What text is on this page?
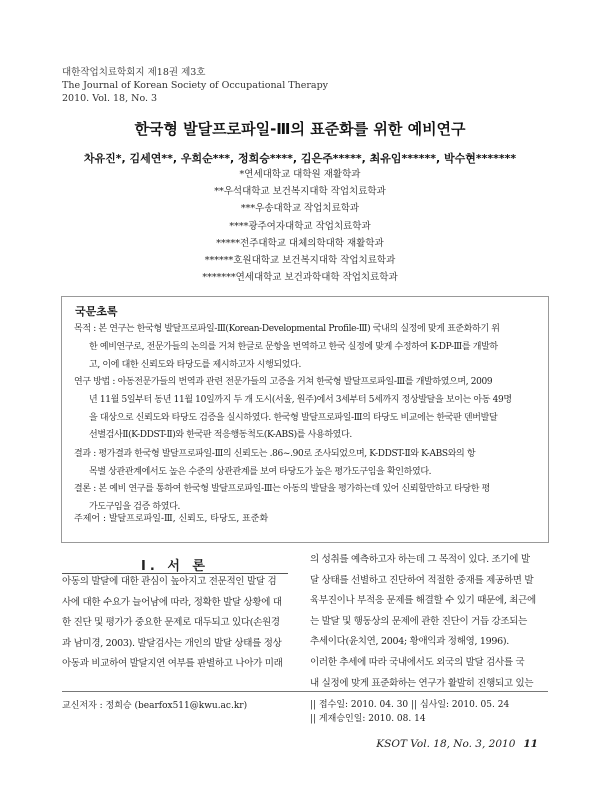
대한작업치료학회지 제18권 제3호
The Journal of Korean Society of Occupational Therapy
2010. Vol. 18, No. 3
한국형 발달프로파일-Ⅲ의 표준화를 위한 예비연구
차유진*, 김세연**, 우희순***, 정희승****, 김은주*****, 최유임******, 박수현*******
*연세대학교 대학원 재활학과
**우석대학교 보건복지대학 작업치료학과
***우송대학교 작업치료학과
****광주여자대학교 작업치료학과
*****전주대학교 대체의학대학 재활학과
******호원대학교 보건복지대학 작업치료학과
*******연세대학교 보건과학대학 작업치료학과
국문초록
목적 : 본 연구는 한국형 발달프로파일-Ⅲ(Korean-Developmental Profile-Ⅲ) 국내의 실정에 맞게 표준화하기 위
한 예비연구로, 전문가들의 논의를 거쳐 한글로 문항을 번역하고 한국 실정에 맞게 수정하여 K-DP-Ⅲ를 개발하
고, 이에 대한 신뢰도와 타당도를 제시하고자 시행되었다.
연구 방법 : 아동전문가들의 번역과 관련 전문가들의 고증을 거쳐 한국형 발달프로파일-Ⅲ를 개발하였으며, 2009
년 11월 5일부터 동년 11월 10일까지 두 개 도시(서울, 원주)에서 3세부터 5세까지 정상발달을 보이는 아동 49명
을 대상으로 신뢰도와 타당도 검증을 실시하였다. 한국형 발달프로파일-Ⅲ의 타당도 비교에는 한국판 덴버발달
선별검사Ⅱ(K-DDST-Ⅱ)와 한국판 적응행동척도(K-ABS)를 사용하였다.
결과 : 평가결과 한국형 발달프로파일-Ⅲ의 신뢰도는 .86~.90로 조사되었으며, K-DDST-Ⅱ와 K-ABS와의 항
목별 상관관계에서도 높은 수준의 상관관계를 보여 타당도가 높은 평가도구임을 확인하였다.
결론 : 본 예비 연구를 통하여 한국형 발달프로파일-Ⅲ는 아동의 발달을 평가하는데 있어 신뢰할만하고 타당한 평
가도구임을 검증 하였다.
주제어 : 발달프로파일-Ⅲ, 신뢰도, 타당도, 표준화
Ⅰ. 서 론
아동의 발달에 대한 관심이 높아지고 전문적인 발달 검
사에 대한 수요가 늘어남에 따라, 정확한 발달 상황에 대
한 진단 및 평가가 중요한 문제로 대두되고 있다(손원경
과 남미경, 2003). 발달검사는 개인의 발달 상태를 정상
아동과 비교하여 발달지연 여부를 판별하고 나아가 미래
의 성취를 예측하고자 하는데 그 목적이 있다. 조기에 발
달 상태를 선별하고 진단하여 적절한 중재를 제공하면 발
육부진이나 부적응 문제를 해결할 수 있기 때문에, 최근에
는 발달 및 행동상의 문제에 관한 진단이 거듭 강조되는
추세이다(윤치연, 2004; 황애익과 정해영, 1996).
이러한 추세에 따라 국내에서도 외국의 발달 검사를 국
내 실정에 맞게 표준화하는 연구가 활발히 진행되고 있는
교신저자 : 정희승 (bearfox511@kwu.ac.kr)	|| 접수일: 2010. 04. 30 || 심사일: 2010. 05. 24
|| 게재승인일: 2010. 08. 14
KSOT Vol. 18, No. 3, 2010 11
